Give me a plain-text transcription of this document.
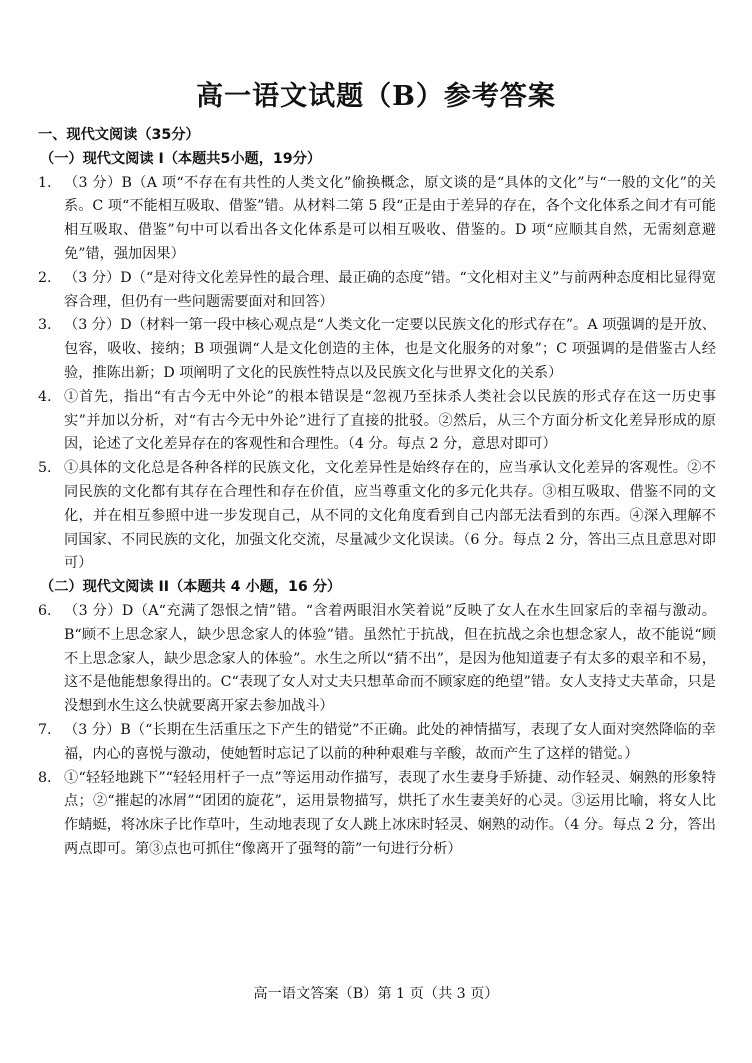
高一语文试题（B）参考答案
一、现代文阅读（35分）
（一）现代文阅读 I（本题共5小题，19分）
1. （3 分）B（A 项“不存在有共性的人类文化”偷换概念，原文谈的是“具体的文化”与“一般的文化”的关系。C 项“不能相互吸取、借鉴”错。从材料二第 5 段“正是由于差异的存在，各个文化体系之间才有可能相互吸取、借鉴”句中可以看出各文化体系是可以相互吸收、借鉴的。D 项“应顺其自然，无需刻意避免”错，强加因果）
2. （3 分）D（“是对待文化差异性的最合理、最正确的态度”错。“文化相对主义”与前两种态度相比显得宽容合理，但仍有一些问题需要面对和回答）
3. （3 分）D（材料一第一段中核心观点是“人类文化一定要以民族文化的形式存在”。A 项强调的是开放、包容，吸收、接纳；B 项强调“人是文化创造的主体，也是文化服务的对象”；C 项强调的是借鉴古人经验，推陈出新；D 项阐明了文化的民族性特点以及民族文化与世界文化的关系）
4. ①首先，指出“有古今无中外论”的根本错误是“忽视乃至抹杀人类社会以民族的形式存在这一历史事实”并加以分析，对“有古今无中外论”进行了直接的批驳。②然后，从三个方面分析文化差异形成的原因，论述了文化差异存在的客观性和合理性。（4 分。每点 2 分，意思对即可）
5. ①具体的文化总是各种各样的民族文化，文化差异性是始终存在的，应当承认文化差异的客观性。②不同民族的文化都有其存在合理性和存在价值，应当尊重文化的多元化共存。③相互吸取、借鉴不同的文化，并在相互参照中进一步发现自己，从不同的文化角度看到自己内部无法看到的东西。④深入理解不同国家、不同民族的文化，加强文化交流，尽量减少文化误读。（6 分。每点 2 分，答出三点且意思对即可）
（二）现代文阅读 II（本题共 4 小题，16 分）
6. （3 分）D（A“充满了怨恨之情”错。“含着两眼泪水笑着说”反映了女人在水生回家后的幸福与激动。B“顾不上思念家人，缺少思念家人的体验”错。虽然忙于抗战，但在抗战之余也想念家人，故不能说“顾不上思念家人，缺少思念家人的体验”。水生之所以“猜不出”，是因为他知道妻子有太多的艰辛和不易，这不是他能想象得出的。C“表现了女人对丈夫只想革命而不顾家庭的绝望”错。女人支持丈夫革命，只是没想到水生这么快就要离开家去参加战斗）
7. （3 分）B（“长期在生活重压之下产生的错觉”不正确。此处的神情描写，表现了女人面对突然降临的幸福，内心的喜悦与激动，使她暂时忘记了以前的种种艰难与辛酸，故而产生了这样的错觉。）
8. ①“轻轻地跳下”“轻轻用杆子一点”等运用动作描写，表现了水生妻身手矫捷、动作轻灵、娴熟的形象特点；②“摧起的冰屑”“团团的旋花”，运用景物描写，烘托了水生妻美好的心灵。③运用比喻，将女人比作蜻蜓，将冰床子比作草叶，生动地表现了女人跳上冰床时轻灵、娴熟的动作。（4 分。每点 2 分，答出两点即可。第③点也可抓住“像离开了强弩的箭”一句进行分析）
高一语文答案（B）第 1 页（共 3 页）
